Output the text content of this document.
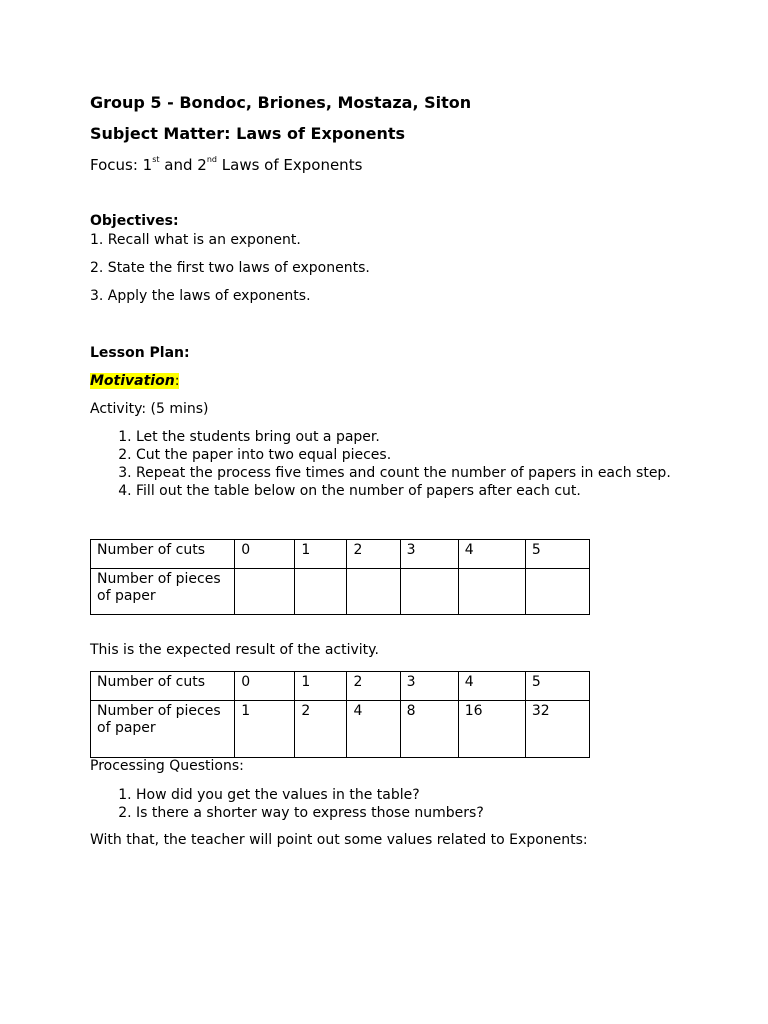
Group 5 - Bondoc, Briones, Mostaza, Siton
Subject Matter: Laws of Exponents
Focus: 1st and 2nd Laws of Exponents
Objectives:
1. Recall what is an exponent.
2. State the first two laws of exponents.
3. Apply the laws of exponents.
Lesson Plan:
Motivation:
Activity: (5 mins)
1. Let the students bring out a paper.
2. Cut the paper into two equal pieces.
3. Repeat the process five times and count the number of papers in each step.
4. Fill out the table below on the number of papers after each cut.
Number of cuts	0	1	2	3	4	5
Number of pieces of paper						
This is the expected result of the activity.
Number of cuts	0	1	2	3	4	5
Number of pieces of paper	1	2	4	8	16	32
Processing Questions:
1. How did you get the values in the table?
2. Is there a shorter way to express those numbers?
With that, the teacher will point out some values related to Exponents:
